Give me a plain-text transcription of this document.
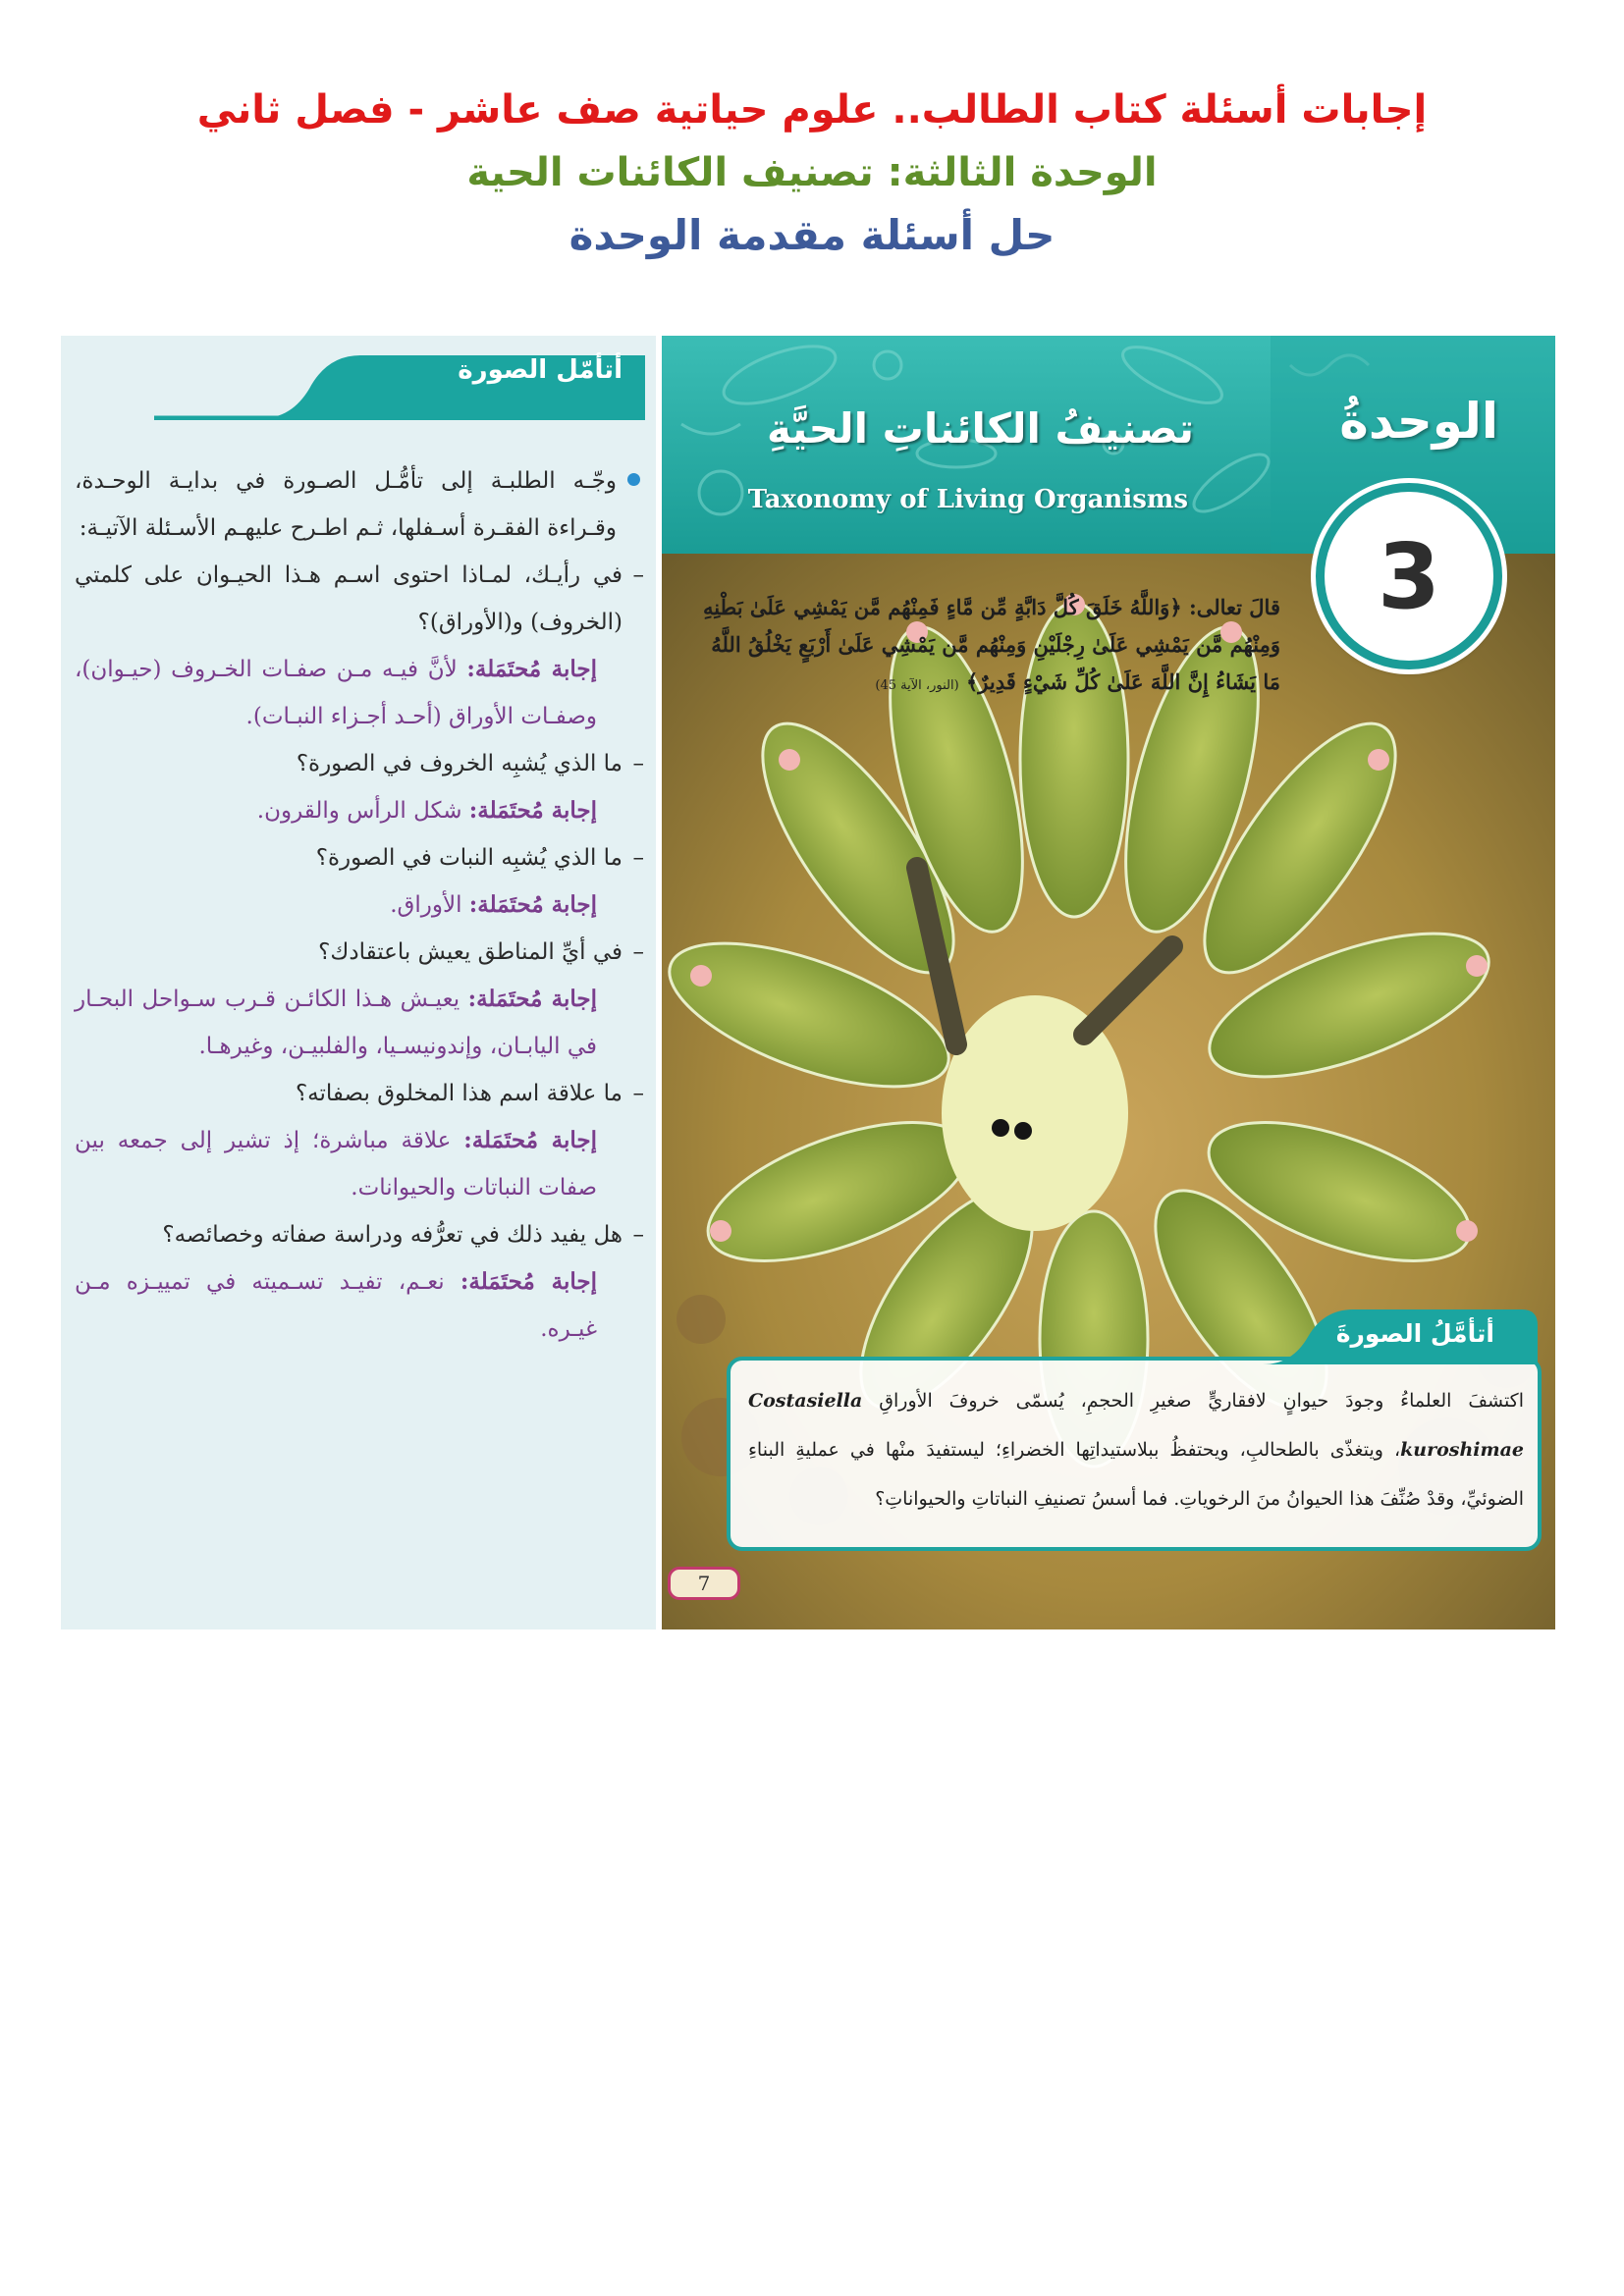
إجابات أسئلة كتاب الطالب.. علوم حياتية صف عاشر - فصل ثاني
الوحدة الثالثة: تصنيف الكائنات الحية
حل أسئلة مقدمة الوحدة
أتأمّل الصورة
وجّـه الطلبـة إلى تأمُّـل الصـورة في بدايـة الوحـدة، وقـراءة الفقـرة أسـفلها، ثـم اطـرح عليهـم الأسـئلة الآتيـة:
–
في رأيـك، لمـاذا احتوى اسـم هـذا الحيـوان على كلمتي (الخروف) و(الأوراق)؟
إجابة مُحتَمَلة: لأنَّ فيـه مـن صفـات الخـروف (حيـوان)، وصفـات الأوراق (أحـد أجـزاء النبـات).
–
ما الذي يُشبِه الخروف في الصورة؟
إجابة مُحتَمَلة: شكل الرأس والقرون.
–
ما الذي يُشبِه النبات في الصورة؟
إجابة مُحتَمَلة: الأوراق.
–
في أيِّ المناطق يعيش باعتقادك؟
إجابة مُحتَمَلة: يعيـش هـذا الكائـن قـرب سـواحل البحـار في اليابـان، وإندونيسـيا، والفلبيـن، وغيرهـا.
–
ما علاقة اسم هذا المخلوق بصفاته؟
إجابة مُحتَمَلة: علاقة مباشرة؛ إذ تشير إلى جمعه بين صفات النباتات والحيوانات.
–
هل يفيد ذلك في تعرُّفه ودراسة صفاته وخصائصه؟
إجابة مُحتَمَلة: نعـم، تفيـد تسـميته في تمييـزه مـن غيـره.
تصنيفُ الكائناتِ الحيَّةِ
Taxonomy of Living Organisms
الوحدةُ
3
قالَ تعالى: ﴿وَاللَّهُ خَلَقَ كُلَّ دَابَّةٍ مِّن مَّاءٍ فَمِنْهُم مَّن يَمْشِي عَلَىٰ بَطْنِهِ وَمِنْهُم مَّن يَمْشِي عَلَىٰ رِجْلَيْنِ وَمِنْهُم مَّن يَمْشِي عَلَىٰ أَرْبَعٍ يَخْلُقُ اللَّهُ مَا يَشَاءُ إِنَّ اللَّهَ عَلَىٰ كُلِّ شَيْءٍ قَدِيرٌ﴾ (النور، الآية 45)
أتأمَّلُ الصورةَ
اكتشفَ العلماءُ وجودَ حيوانٍ لافقاريٍّ صغيرِ الحجمِ، يُسمّى خروفَ الأوراقِ Costasiella kuroshimae، ويتغذّى بالطحالبِ، ويحتفظُ ببلاستيداتِها الخضراءِ؛ ليستفيدَ منْها في عمليةِ البناءِ الضوئيِّ، وقدْ صُنِّفَ هذا الحيوانُ منَ الرخوياتِ. فما أسسُ تصنيفِ النباتاتِ والحيواناتِ؟
7
